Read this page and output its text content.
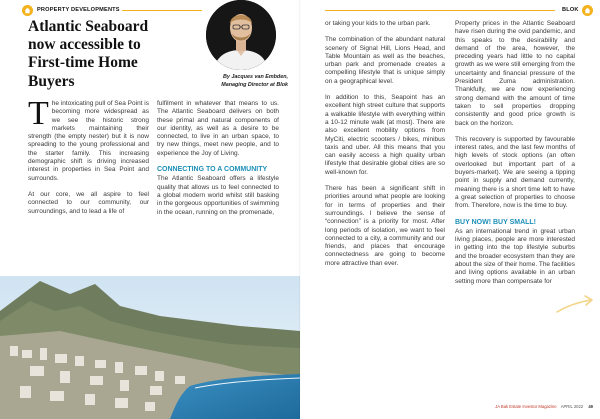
PROPERTY DEVELOPMENTS	BLOK
Atlantic Seaboard now accessible to First-time Home Buyers	By Jacques van Embden,
Managing Director at Blok

The intoxicating pull of Sea Point is becoming more widespread as we see the historic strong markets maintaining their strength (the empty nester) but it is now spreading to the young professional and the starter family. This increasing demographic shift is driving increased interest in properties in Sea Point and surrounds.

At our core, we all aspire to feel connected to our community, our surroundings, and to lead a life of

fulfilment in whatever that means to us. The Atlantic Seaboard delivers on both these primal and natural components of our identity, as well as a desire to be connected, to live in an urban space, to try new things, meet new people, and to experience the Joy of Living.

CONNECTING TO A COMMUNITY

The Atlantic Seaboard offers a lifestyle quality that allows us to feel connected to a global modern world whilst still basking in the gorgeous opportunities of swimming in the ocean, running on the promenade,

or taking your kids to the urban park.

The combination of the abundant natural scenery of Signal Hill, Lions Head, and Table Mountain as well as the beaches, urban park and promenade creates a compelling lifestyle that is unique simply on a geographical level.

In addition to this, Seapoint has an excellent high street culture that supports a walkable lifestyle with everything within a 10-12 minute walk (at most). There are also excellent mobility options from MyCiti, electric scooters / bikes, minibus taxis and uber. All this means that you can easily access a high quality urban lifestyle that desirable global cities are so well-known for.

There has been a significant shift in priorities around what people are looking for in terms of properties and their surroundings. I believe the sense of “connection” is a priority for most. After long periods of isolation, we want to feel connected to a city, a community and our friends, and places that encourage connectedness are going to become more attractive than ever.

Property prices in the Atlantic Seaboard have risen during the ovid pandemic, and this speaks to the desirability and demand of the area, however, the preceding years had little to no capital growth as we were still emerging from the uncertainty and financial pressure of the President Zuma administration. Thankfully, we are now experiencing strong demand with the amount of time taken to sell properties dropping consistently and good price growth is back on the horizon.

This recovery is supported by favourable interest rates, and the last few months of high levels of stock options (an often overlooked but important part of a buyers-market). We are seeing a tipping point in supply and demand currently, meaning there is a short time left to have a great selection of properties to choose from. Therefore, now is the time to buy.

BUY NOW! BUY SMALL!

As an international trend in great urban living places, people are more interested in getting into the top lifestyle suburbs and the broader ecosystem than they are about the size of their home. The facilities and living options available in an urban setting more than compensate for

JA Bak Estate Investor Magazine APRIL 2022 49
